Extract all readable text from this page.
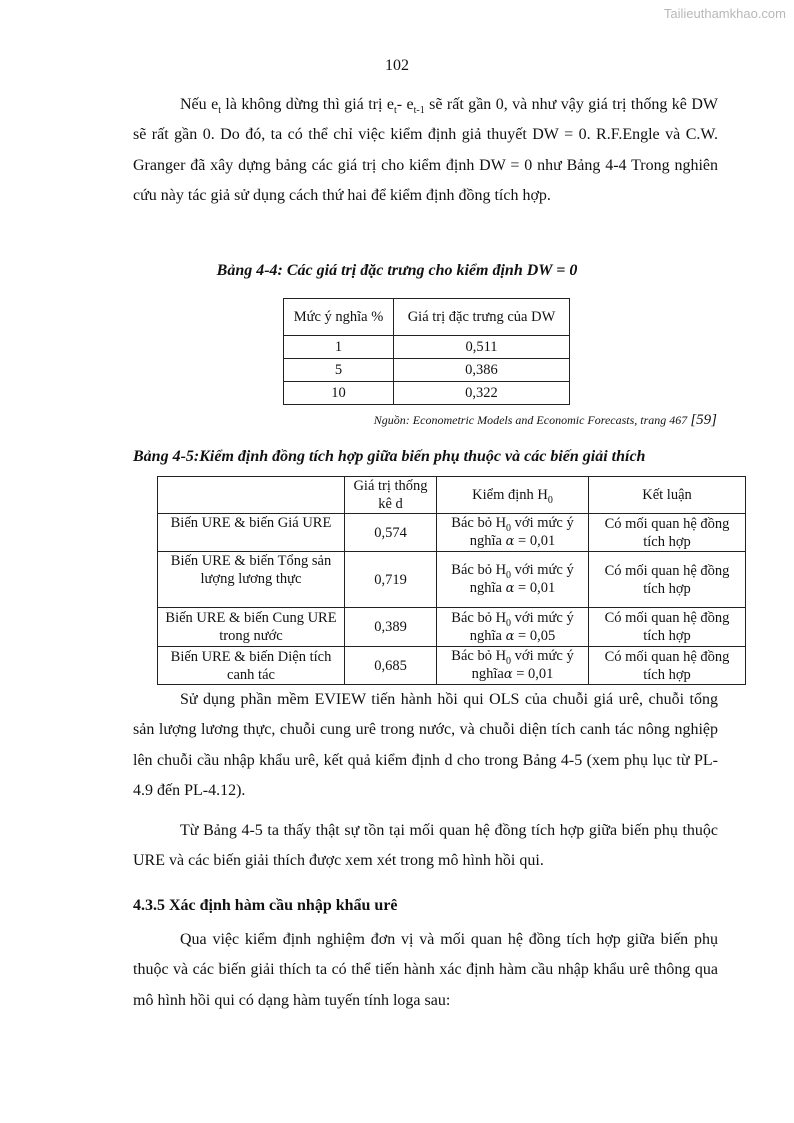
Tailieuthamkhao.com
102
Nếu $e_t$ là không dừng thì giá trị $e_t-$ $e_{t-1}$ sẽ rất gần 0, và như vậy giá trị thống kê DW sẽ rất gần 0. Do đó, ta có thể chỉ việc kiểm định giả thuyết DW = 0. R.F.Engle và C.W. Granger đã xây dựng bảng các giá trị cho kiểm định DW = 0 như Bảng 4-4 Trong nghiên cứu này tác giả sử dụng cách thứ hai để kiểm định đồng tích hợp.
Bảng 4-4: Các giá trị đặc trưng cho kiểm định DW = 0
Mức ý nghĩa %	Giá trị đặc trưng của DW
1	0,511
5	0,386
10	0,322
Nguồn: Econometric Models and Economic Forecasts, trang 467 [59]
Bảng 4-5:Kiểm định đồng tích hợp giữa biến phụ thuộc và các biến giải thích
	Giá trị thống kê d	Kiểm định $H_0$	Kết luận
Biến URE & biến Giá URE	0,574	Bác bỏ $H_0$ với mức ý nghĩa α = 0,01	Có mối quan hệ đồng tích hợp
Biến URE & biến Tổng sản lượng lương thực	0,719	Bác bỏ $H_0$ với mức ý nghĩa α = 0,01	Có mối quan hệ đồng tích hợp
Biến URE & biến Cung URE trong nước	0,389	Bác bỏ $H_0$ với mức ý nghĩa α = 0,05	Có mối quan hệ đồng tích hợp
Biến URE & biến Diện tích canh tác	0,685	Bác bỏ $H_0$ với mức ý nghĩaα = 0,01	Có mối quan hệ đồng tích hợp
Sử dụng phần mềm EVIEW tiến hành hồi qui OLS của chuỗi giá urê, chuỗi tổng sản lượng lương thực, chuỗi cung urê trong nước, và chuỗi diện tích canh tác nông nghiệp lên chuỗi cầu nhập khẩu urê, kết quả kiểm định d cho trong Bảng 4-5 (xem phụ lục từ PL-4.9 đến PL-4.12).
Từ Bảng 4-5 ta thấy thật sự tồn tại mối quan hệ đồng tích hợp giữa biến phụ thuộc URE và các biến giải thích được xem xét trong mô hình hồi qui.
4.3.5 Xác định hàm cầu nhập khẩu urê
Qua việc kiểm định nghiệm đơn vị và mối quan hệ đồng tích hợp giữa biến phụ thuộc và các biến giải thích ta có thể tiến hành xác định hàm cầu nhập khẩu urê thông qua mô hình hồi qui có dạng hàm tuyến tính loga sau:
